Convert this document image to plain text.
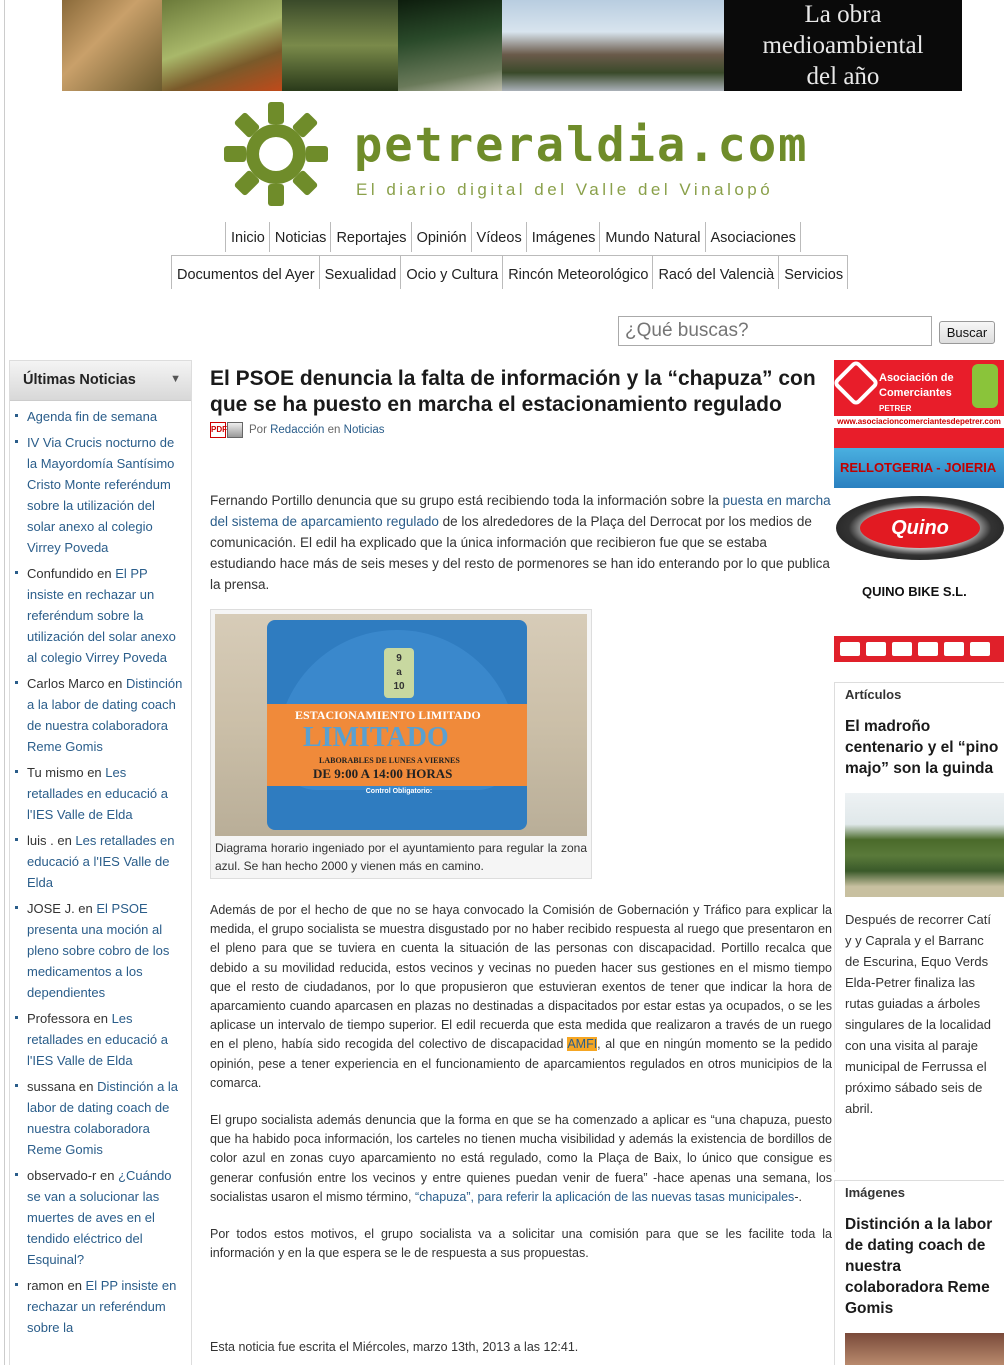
La obra
medioambiental
del año
petreraldia.com
El diario digital del Valle del Vinalopó
Inicio Noticias Reportajes Opinión Vídeos Imágenes Mundo Natural Asociaciones
Documentos del Ayer Sexualidad Ocio y Cultura Rincón Meteorológico Racó del Valencià Servicios
¿Qué buscas?
Buscar
Últimas Noticias	▼
Agenda fin de semana
IV Via Crucis nocturno de la Mayordomía Santísimo Cristo Monte referéndum sobre la utilización del solar anexo al colegio Virrey Poveda
Confundido en El PP insiste en rechazar un referéndum sobre la utilización del solar anexo al colegio Virrey Poveda
Carlos Marco en Distinción a la labor de dating coach de nuestra colaboradora Reme Gomis
Tu mismo en Les retallades en educació a l'IES Valle de Elda
luis . en Les retallades en educació a l'IES Valle de Elda
JOSE J. en El PSOE presenta una moción al pleno sobre cobro de los medicamentos a los dependientes
Professora en Les retallades en educació a l'IES Valle de Elda
sussana en Distinción a la labor de dating coach de nuestra colaboradora Reme Gomis
observado-r en ¿Cuándo se van a solucionar las muertes de aves en el tendido eléctrico del Esquinal?
ramon en El PP insiste en rechazar un referéndum sobre la
El PSOE denuncia la falta de información y la “chapuza” con que se ha puesto en marcha el estacionamiento regulado
PDF Por
Redacción
en
Noticias

Fernando Portillo denuncia que su grupo está recibiendo toda la información sobre la puesta en marcha del sistema de aparcamiento regulado de los alrededores de la Plaça del Derrocat por los medios de comunicación. El edil ha explicado que la única información que recibieron fue que se estaba estudiando hace más de seis meses y del resto de pormenores se han ido enterando por lo que publica la prensa.

9
a
10
ESTACIONAMIENTO LIMITADO
LIMITADO
LABORABLES DE LUNES A VIERNES
DE 9:00 A 14:00 HORAS
Control Obligatorio:
Diagrama horario ingeniado por el ayuntamiento para regular la zona azul. Se han hecho 2000 y vienen más en camino.

Además de por el hecho de que no se haya convocado la Comisión de Gobernación y Tráfico para explicar la medida, el grupo socialista se muestra disgustado por no haber recibido respuesta al ruego que presentaron en el pleno para que se tuviera en cuenta la situación de las personas con discapacidad. Portillo recalca que debido a su movilidad reducida, estos vecinos y vecinas no pueden hacer sus gestiones en el mismo tiempo que el resto de ciudadanos, por lo que propusieron que estuvieran exentos de tener que indicar la hora de aparcamiento cuando aparcasen en plazas no destinadas a dispacitados por estar estas ya ocupados, o se les aplicase un intervalo de tiempo superior. El edil recuerda que esta medida que realizaron a través de un ruego en el pleno, había sido recogida del colectivo de discapacidad AMFI, al que en ningún momento se la pedido opinión, pese a tener experiencia en el funcionamiento de aparcamientos regulados en otros municipios de la comarca.

El grupo socialista además denuncia que la forma en que se ha comenzado a aplicar es “una chapuza, puesto que ha habido poca información, los carteles no tienen mucha visibilidad y además la existencia de bordillos de color azul en zonas cuyo aparcamiento no está regulado, como la Plaça de Baix, lo único que consigue es generar confusión entre los vecinos y entre quienes puedan venir de fuera” -hace apenas una semana, los socialistas usaron el mismo término, “chapuza”, para referir la aplicación de las nuevas tasas municipales-.

Por todos estos motivos, el grupo socialista va a solicitar una comisión para que se les facilite toda la información y en la que espera se le de respuesta a sus propuestas.

Esta noticia fue escrita el Miércoles, marzo 13th, 2013 a las 12:41.
Asociación de
Comerciantes
PETRER
www.asociacioncomerciantesdepetrer.com
RELLOTGERIA - JOIERIA
Quino
QUINO BIKE S.L.
Artículos
El madroño centenario y el “pino majo” son la guinda
Después de recorrer Catí y y Caprala y el Barranc de Escurina, Equo Verds Elda-Petrer finaliza las rutas guiadas a árboles singulares de la localidad con una visita al paraje municipal de Ferrussa el próximo sábado seis de abril.
Imágenes
Distinción a la labor de dating coach de nuestra colaboradora Reme Gomis
